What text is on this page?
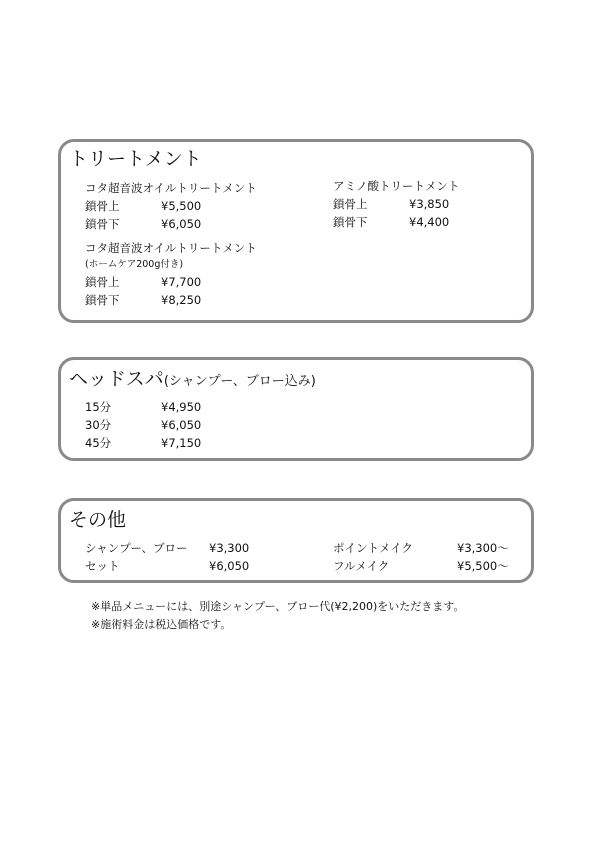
トリートメント
コタ超音波オイルトリートメント
鎖骨上	¥5,500
鎖骨下	¥6,050
コタ超音波オイルトリートメント
(ホームケア200g付き)
鎖骨上	¥7,700
鎖骨下	¥8,250
アミノ酸トリートメント
鎖骨上	¥3,850
鎖骨下	¥4,400
ヘッドスパ(シャンプー、ブロー込み)
15分	¥4,950
30分	¥6,050
45分	¥7,150
その他
シャンプー、ブロー ¥3,300
セット	¥6,050
ポイントメイク	¥3,300〜
フルメイク	¥5,500〜
※単品メニューには、別途シャンプー、ブロー代(¥2,200)をいただきます。
※施術料金は税込価格です。
